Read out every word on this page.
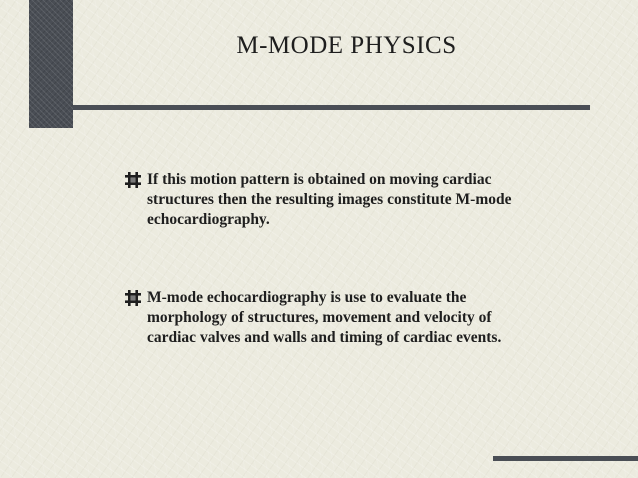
M-MODE PHYSICS

If this motion pattern is obtained on moving cardiac structures then the resulting images constitute M-mode echocardiography.

M-mode echocardiography is use to evaluate the morphology of structures, movement and velocity of cardiac valves and walls and timing of cardiac events.
